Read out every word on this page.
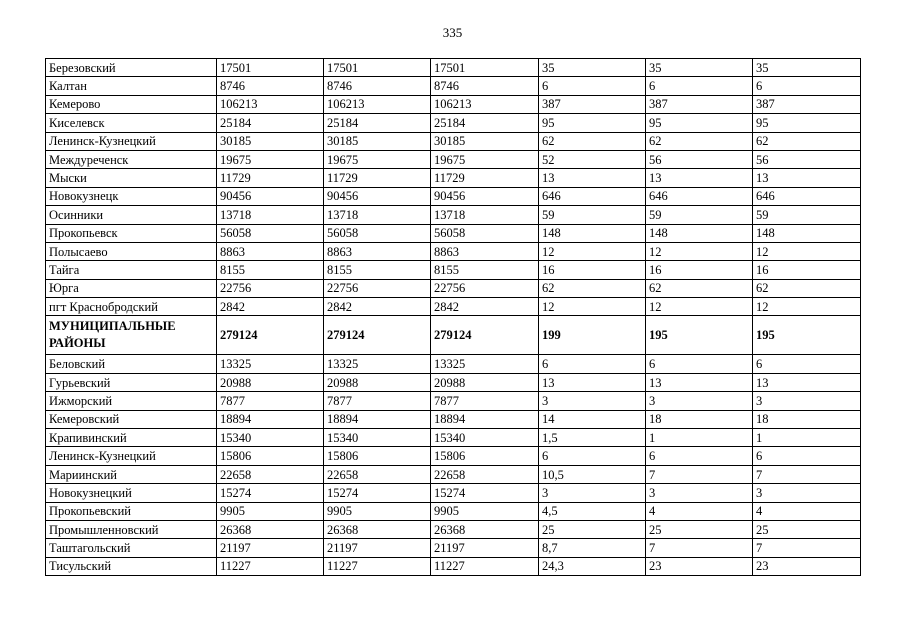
335
Березовский	17501	17501	17501	35	35	35
Калтан	8746	8746	8746	6	6	6
Кемерово	106213	106213	106213	387	387	387
Киселевск	25184	25184	25184	95	95	95
Ленинск-Кузнецкий	30185	30185	30185	62	62	62
Междуреченск	19675	19675	19675	52	56	56
Мыски	11729	11729	11729	13	13	13
Новокузнецк	90456	90456	90456	646	646	646
Осинники	13718	13718	13718	59	59	59
Прокопьевск	56058	56058	56058	148	148	148
Полысаево	8863	8863	8863	12	12	12
Тайга	8155	8155	8155	16	16	16
Юрга	22756	22756	22756	62	62	62
пгт Краснобродский	2842	2842	2842	12	12	12
МУНИЦИПАЛЬНЫЕ РАЙОНЫ	279124	279124	279124	199	195	195
Беловский	13325	13325	13325	6	6	6
Гурьевский	20988	20988	20988	13	13	13
Ижморский	7877	7877	7877	3	3	3
Кемеровский	18894	18894	18894	14	18	18
Крапивинский	15340	15340	15340	1,5	1	1
Ленинск-Кузнецкий	15806	15806	15806	6	6	6
Мариинский	22658	22658	22658	10,5	7	7
Новокузнецкий	15274	15274	15274	3	3	3
Прокопьевский	9905	9905	9905	4,5	4	4
Промышленновский	26368	26368	26368	25	25	25
Таштагольский	21197	21197	21197	8,7	7	7
Тисульский	11227	11227	11227	24,3	23	23
